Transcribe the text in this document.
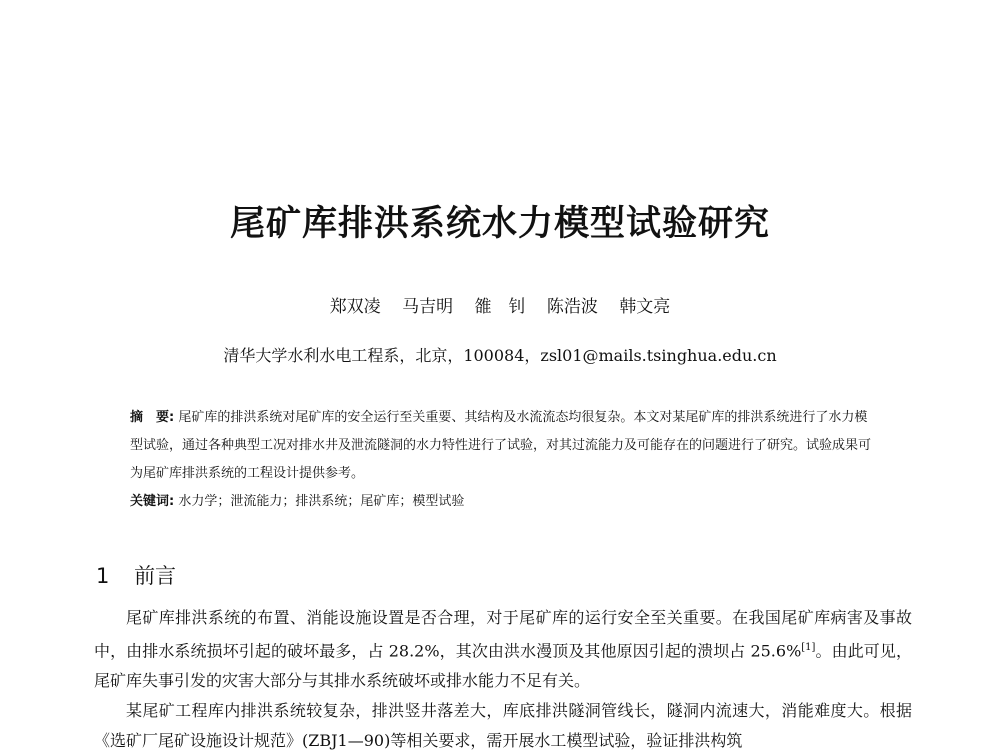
尾矿库排洪系统水力模型试验研究
郑双凌 马吉明 雒　钊 陈浩波 韩文亮
清华大学水利水电工程系，北京，100084，zsl01@mails.tsinghua.edu.cn
摘　要: 尾矿库的排洪系统对尾矿库的安全运行至关重要、其结构及水流流态均很复杂。本文对某尾矿库的排洪系统进行了水力模型试验，通过各种典型工况对排水井及泄流隧洞的水力特性进行了试验，对其过流能力及可能存在的问题进行了研究。试验成果可为尾矿库排洪系统的工程设计提供参考。
关键词: 水力学；泄流能力；排洪系统；尾矿库；模型试验
1 前言

尾矿库排洪系统的布置、消能设施设置是否合理，对于尾矿库的运行安全至关重要。在我国尾矿库病害及事故中，由排水系统损坏引起的破坏最多，占 28.2%，其次由洪水漫顶及其他原因引起的溃坝占 25.6%[1]。由此可见，尾矿库失事引发的灾害大部分与其排水系统破坏或排水能力不足有关。

某尾矿工程库内排洪系统较复杂，排洪竖井落差大，库底排洪隧洞管线长，隧洞内流速大，消能难度大。根据《选矿厂尾矿设施设计规范》(ZBJ1—90)等相关要求，需开展水工模型试验，验证排洪构筑
